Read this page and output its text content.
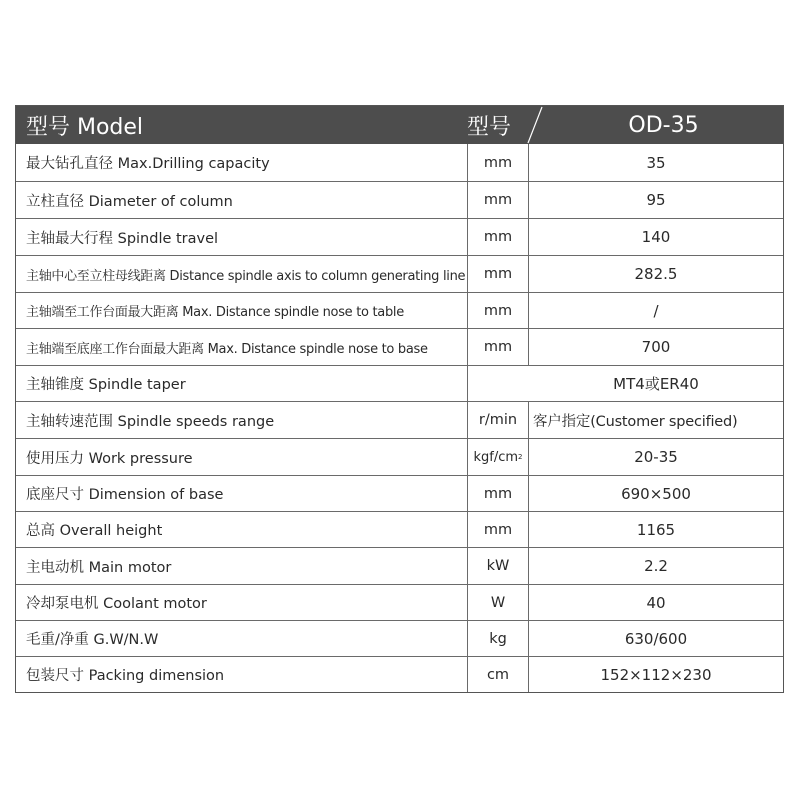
型号 Model	型号	OD-35
最大钻孔直径 Max.Drilling capacity	mm	35
立柱直径 Diameter of column	mm	95
主轴最大行程 Spindle travel	mm	140
主轴中心至立柱母线距离 Distance spindle axis to column generating line	mm	282.5
主轴端至工作台面最大距离 Max. Distance spindle nose to table	mm	/
主轴端至底座工作台面最大距离 Max. Distance spindle nose to base	mm	700
主轴锥度 Spindle taper	MT4或ER40
主轴转速范围 Spindle speeds range	r/min	客户指定(Customer specified)
使用压力 Work pressure	kgf/cm 2	20-35
底座尺寸 Dimension of base	mm	690×500
总高 Overall height	mm	1165
主电动机 Main motor	kW	2.2
冷却泵电机 Coolant motor	W	40
毛重/净重 G.W/N.W	kg	630/600
包装尺寸 Packing dimension	cm	152×112×230
